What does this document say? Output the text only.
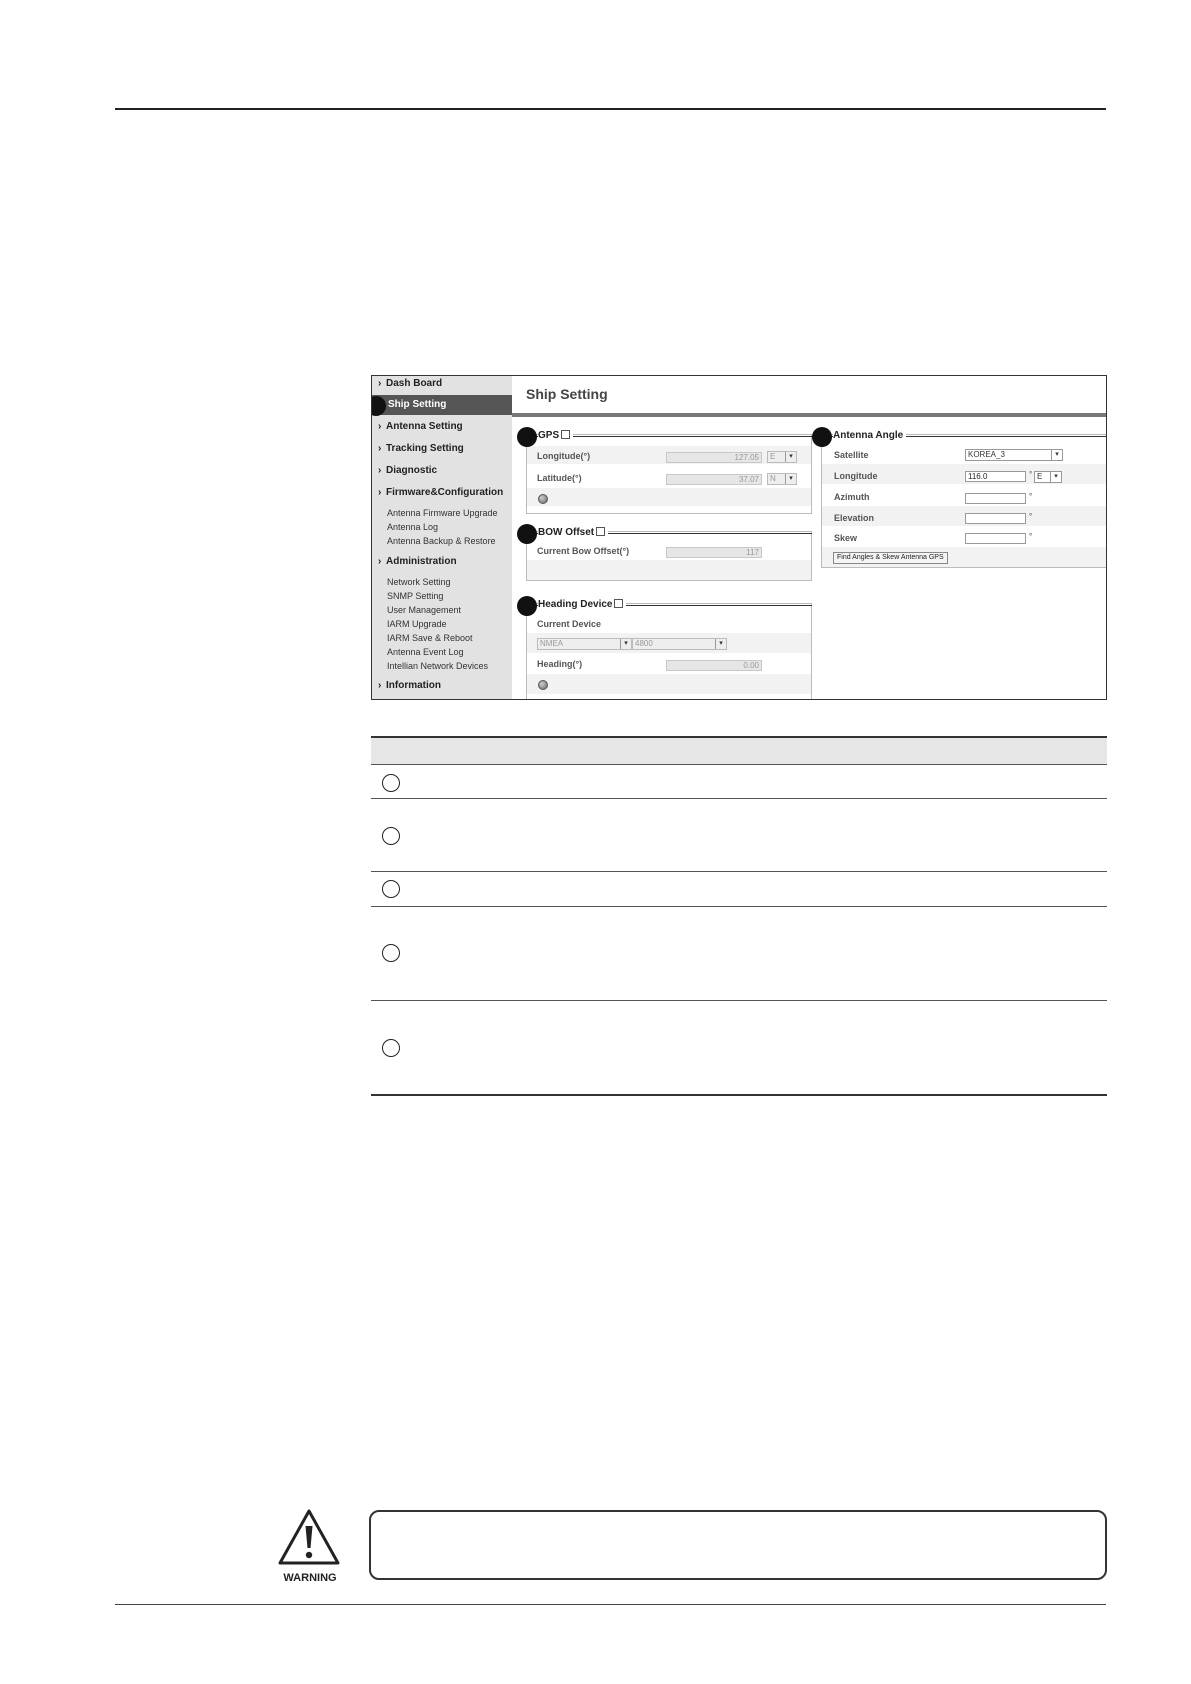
› Dash Board
Ship Setting
› Antenna Setting
› Tracking Setting
› Diagnostic
› Firmware&Configuration
Antenna Firmware Upgrade
Antenna Log
Antenna Backup & Restore
› Administration
Network Setting
SNMP Setting
User Management
IARM Upgrade
IARM Save & Reboot
Antenna Event Log
Intellian Network Devices
› Information
Ship Setting
GPS
Longitude(°)	127.05	E	▾
Latitude(°)	37.07	N	▾
BOW Offset
Current Bow Offset(°)	117
Heading Device
Current Device
NMEA	▾ 4800	▾
Heading(°)	0.00
Antenna Angle
Satellite	KOREA_3	▾
Longitude	116.0	° E	▾
Azimuth	°
Elevation	°
Skew	°
Find Angles & Skew Antenna GPS
WARNING
